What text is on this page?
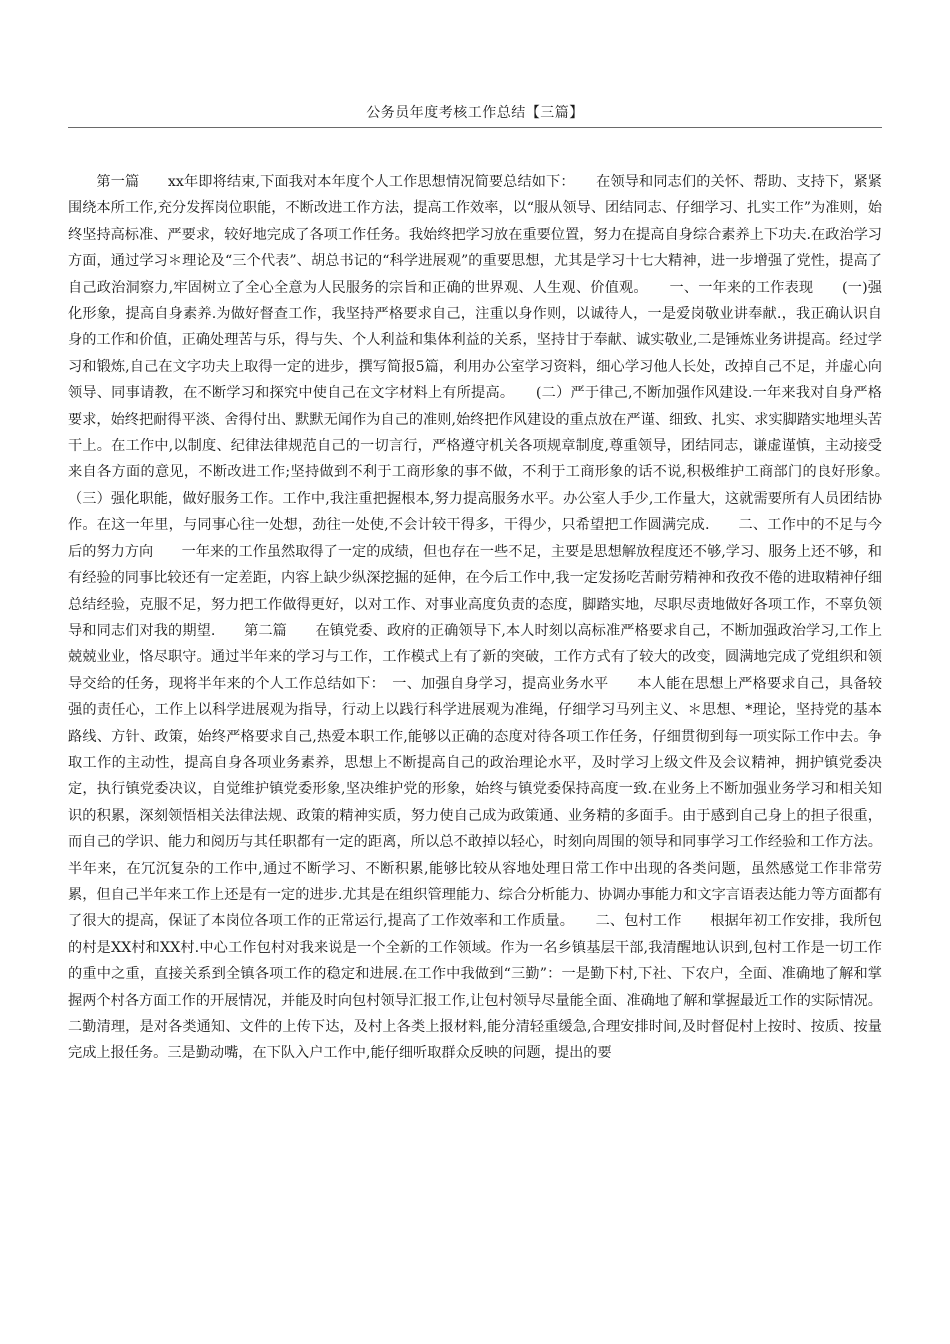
公务员年度考核工作总结【三篇】

第一篇　　xx年即将结束,下面我对本年度个人工作思想情况简要总结如下：　　在领导和同志们的关怀、帮助、支持下，紧紧围绕本所工作,充分发挥岗位职能，不断改进工作方法，提高工作效率，以“服从领导、团结同志、仔细学习、扎实工作”为准则，始终坚持高标准、严要求，较好地完成了各项工作任务。我始终把学习放在重要位置，努力在提高自身综合素养上下功夫.在政治学习方面，通过学习＊理论及“三个代表”、胡总书记的“科学进展观”的重要思想，尤其是学习十七大精神，进一步增强了党性，提高了自己政治洞察力,牢固树立了全心全意为人民服务的宗旨和正确的世界观、人生观、价值观。　　一、一年来的工作表现　　(一)强化形象，提高自身素养.为做好督查工作，我坚持严格要求自己，注重以身作则，以诚待人，一是爱岗敬业讲奉献.，我正确认识自身的工作和价值，正确处理苦与乐，得与失、个人利益和集体利益的关系，坚持甘于奉献、诚实敬业,二是锤炼业务讲提高。经过学习和锻炼,自己在文字功夫上取得一定的进步，撰写简报5篇，利用办公室学习资料，细心学习他人长处，改掉自己不足，并虚心向领导、同事请教，在不断学习和探究中使自己在文字材料上有所提高。　　(二）严于律己,不断加强作风建设.一年来我对自身严格要求，始终把耐得平淡、舍得付出、默默无闻作为自己的准则,始终把作风建设的重点放在严谨、细致、扎实、求实脚踏实地埋头苦干上。在工作中,以制度、纪律法律规范自己的一切言行，严格遵守机关各项规章制度,尊重领导，团结同志，谦虚谨慎，主动接受来自各方面的意见，不断改进工作;坚持做到不利于工商形象的事不做，不利于工商形象的话不说,积极维护工商部门的良好形象。　　（三）强化职能，做好服务工作。工作中,我注重把握根本,努力提高服务水平。办公室人手少,工作量大，这就需要所有人员团结协作。在这一年里，与同事心往一处想，劲往一处使,不会计较干得多，干得少，只希望把工作圆满完成.　　二、工作中的不足与今后的努力方向　　一年来的工作虽然取得了一定的成绩，但也存在一些不足，主要是思想解放程度还不够,学习、服务上还不够，和有经验的同事比较还有一定差距，内容上缺少纵深挖掘的延伸，在今后工作中,我一定发扬吃苦耐劳精神和孜孜不倦的进取精神仔细总结经验，克服不足，努力把工作做得更好，以对工作、对事业高度负责的态度，脚踏实地，尽职尽责地做好各项工作，不辜负领导和同志们对我的期望.　　第二篇　　在镇党委、政府的正确领导下,本人时刻以高标准严格要求自己，不断加强政治学习,工作上兢兢业业，恪尽职守。通过半年来的学习与工作，工作模式上有了新的突破，工作方式有了较大的改变，圆满地完成了党组织和领导交给的任务，现将半年来的个人工作总结如下：　一、加强自身学习，提高业务水平　　本人能在思想上严格要求自己，具备较强的责任心，工作上以科学进展观为指导，行动上以践行科学进展观为准绳，仔细学习马列主义、＊思想、*理论，坚持党的基本路线、方针、政策，始终严格要求自己,热爱本职工作,能够以正确的态度对待各项工作任务，仔细贯彻到每一项实际工作中去。争取工作的主动性，提高自身各项业务素养，思想上不断提高自己的政治理论水平，及时学习上级文件及会议精神，拥护镇党委决定，执行镇党委决议，自觉维护镇党委形象,坚决维护党的形象，始终与镇党委保持高度一致.在业务上不断加强业务学习和相关知识的积累，深刻领悟相关法律法规、政策的精神实质，努力使自己成为政策通、业务精的多面手。由于感到自己身上的担子很重，而自己的学识、能力和阅历与其任职都有一定的距离，所以总不敢掉以轻心，时刻向周围的领导和同事学习工作经验和工作方法。半年来，在冗沉复杂的工作中,通过不断学习、不断积累,能够比较从容地处理日常工作中出现的各类问题，虽然感觉工作非常劳累，但自己半年来工作上还是有一定的进步.尤其是在组织管理能力、综合分析能力、协调办事能力和文字言语表达能力等方面都有了很大的提高，保证了本岗位各项工作的正常运行,提高了工作效率和工作质量。　　二、包村工作　　根据年初工作安排，我所包的村是XX村和XX村.中心工作包村对我来说是一个全新的工作领域。作为一名乡镇基层干部,我清醒地认识到,包村工作是一切工作的重中之重，直接关系到全镇各项工作的稳定和进展.在工作中我做到“三勤”：一是勤下村,下社、下农户，全面、准确地了解和掌握两个村各方面工作的开展情况，并能及时向包村领导汇报工作,让包村领导尽量能全面、准确地了解和掌握最近工作的实际情况。二勤清理，是对各类通知、文件的上传下达，及村上各类上报材料,能分清轻重缓急,合理安排时间,及时督促村上按时、按质、按量完成上报任务。三是勤动嘴，在下队入户工作中,能仔细听取群众反映的问题，提出的要
